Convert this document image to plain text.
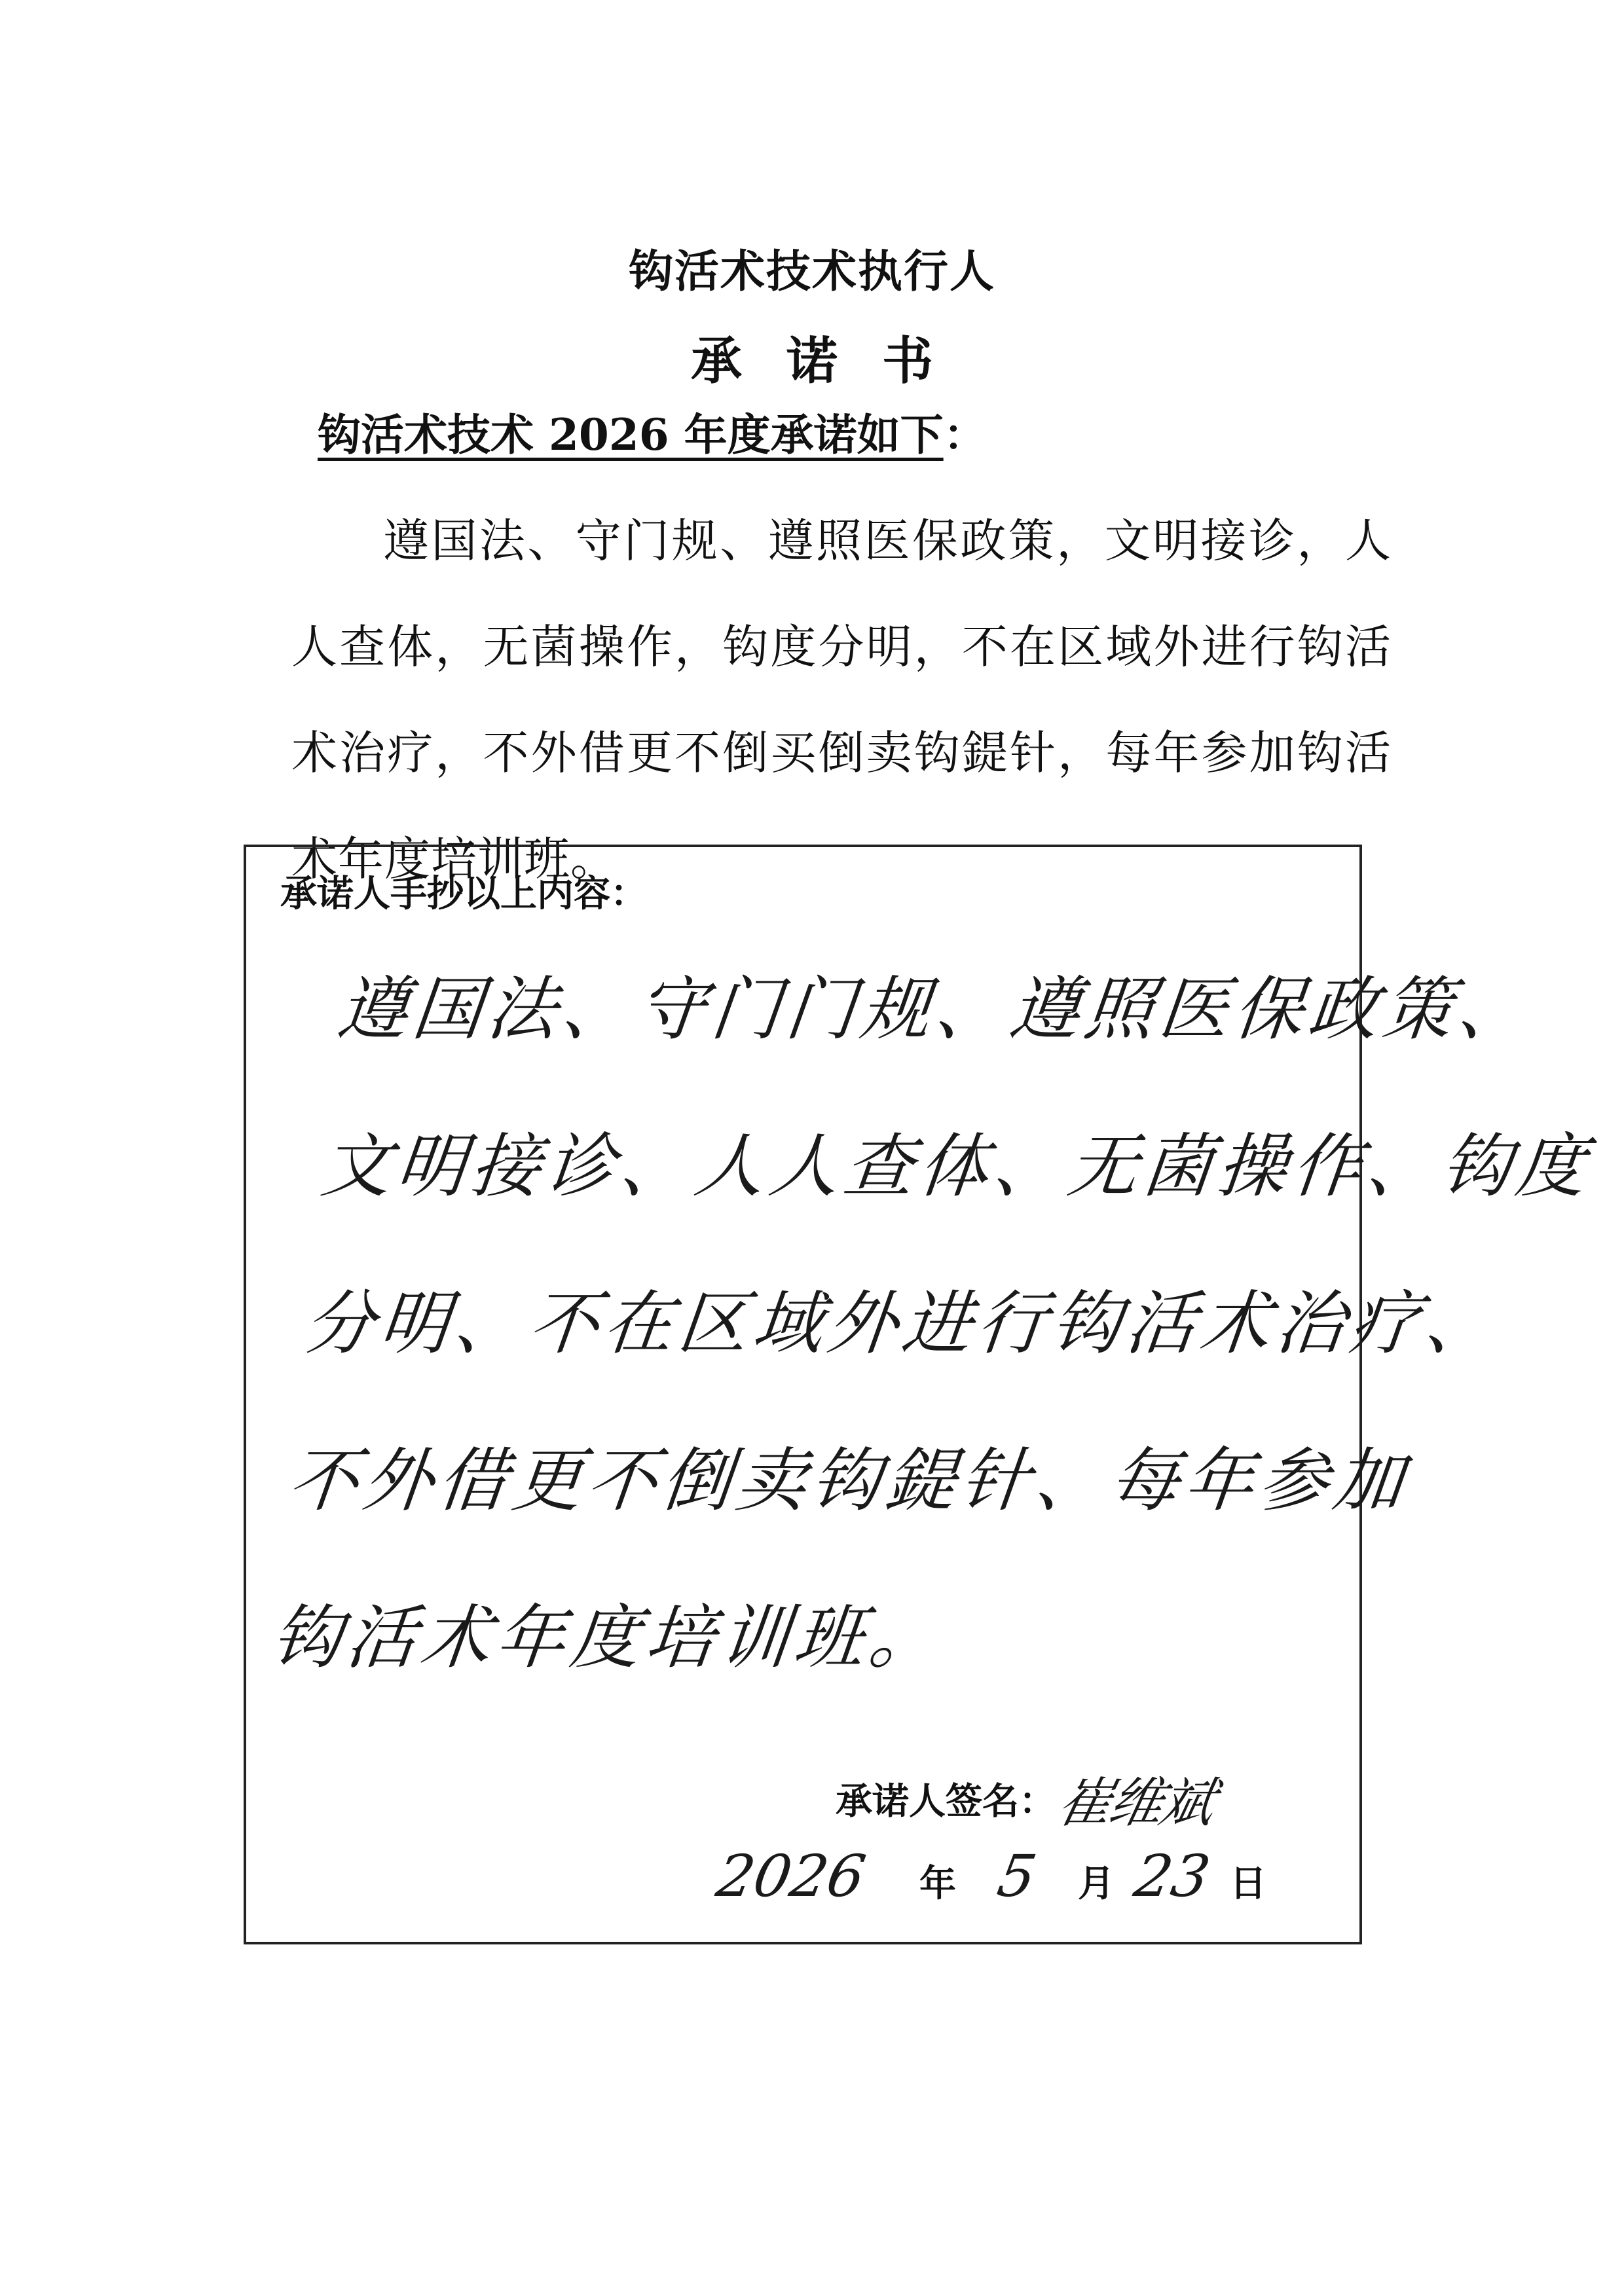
钩活术技术执行人
承诺书
钩活术技术 2026 年度承诺如下：
遵国法、守门规、遵照医保政策，文明接诊，人人查体，无菌操作，钩度分明，不在区域外进行钩活术治疗，不外借更不倒买倒卖钩鍉针，每年参加钩活术年度培训班。
承诺人手抄以上内容：
遵国法、守门门规、遵照医保政策、
文明接诊、人人查体、无菌操作、钩度
分明、不在区域外进行钩活术治疗、
不外借更不倒卖钩鍉针、每年参加
钩活术年度培训班。
承诺人签名：崔维斌
2026 年 5 月 23 日
